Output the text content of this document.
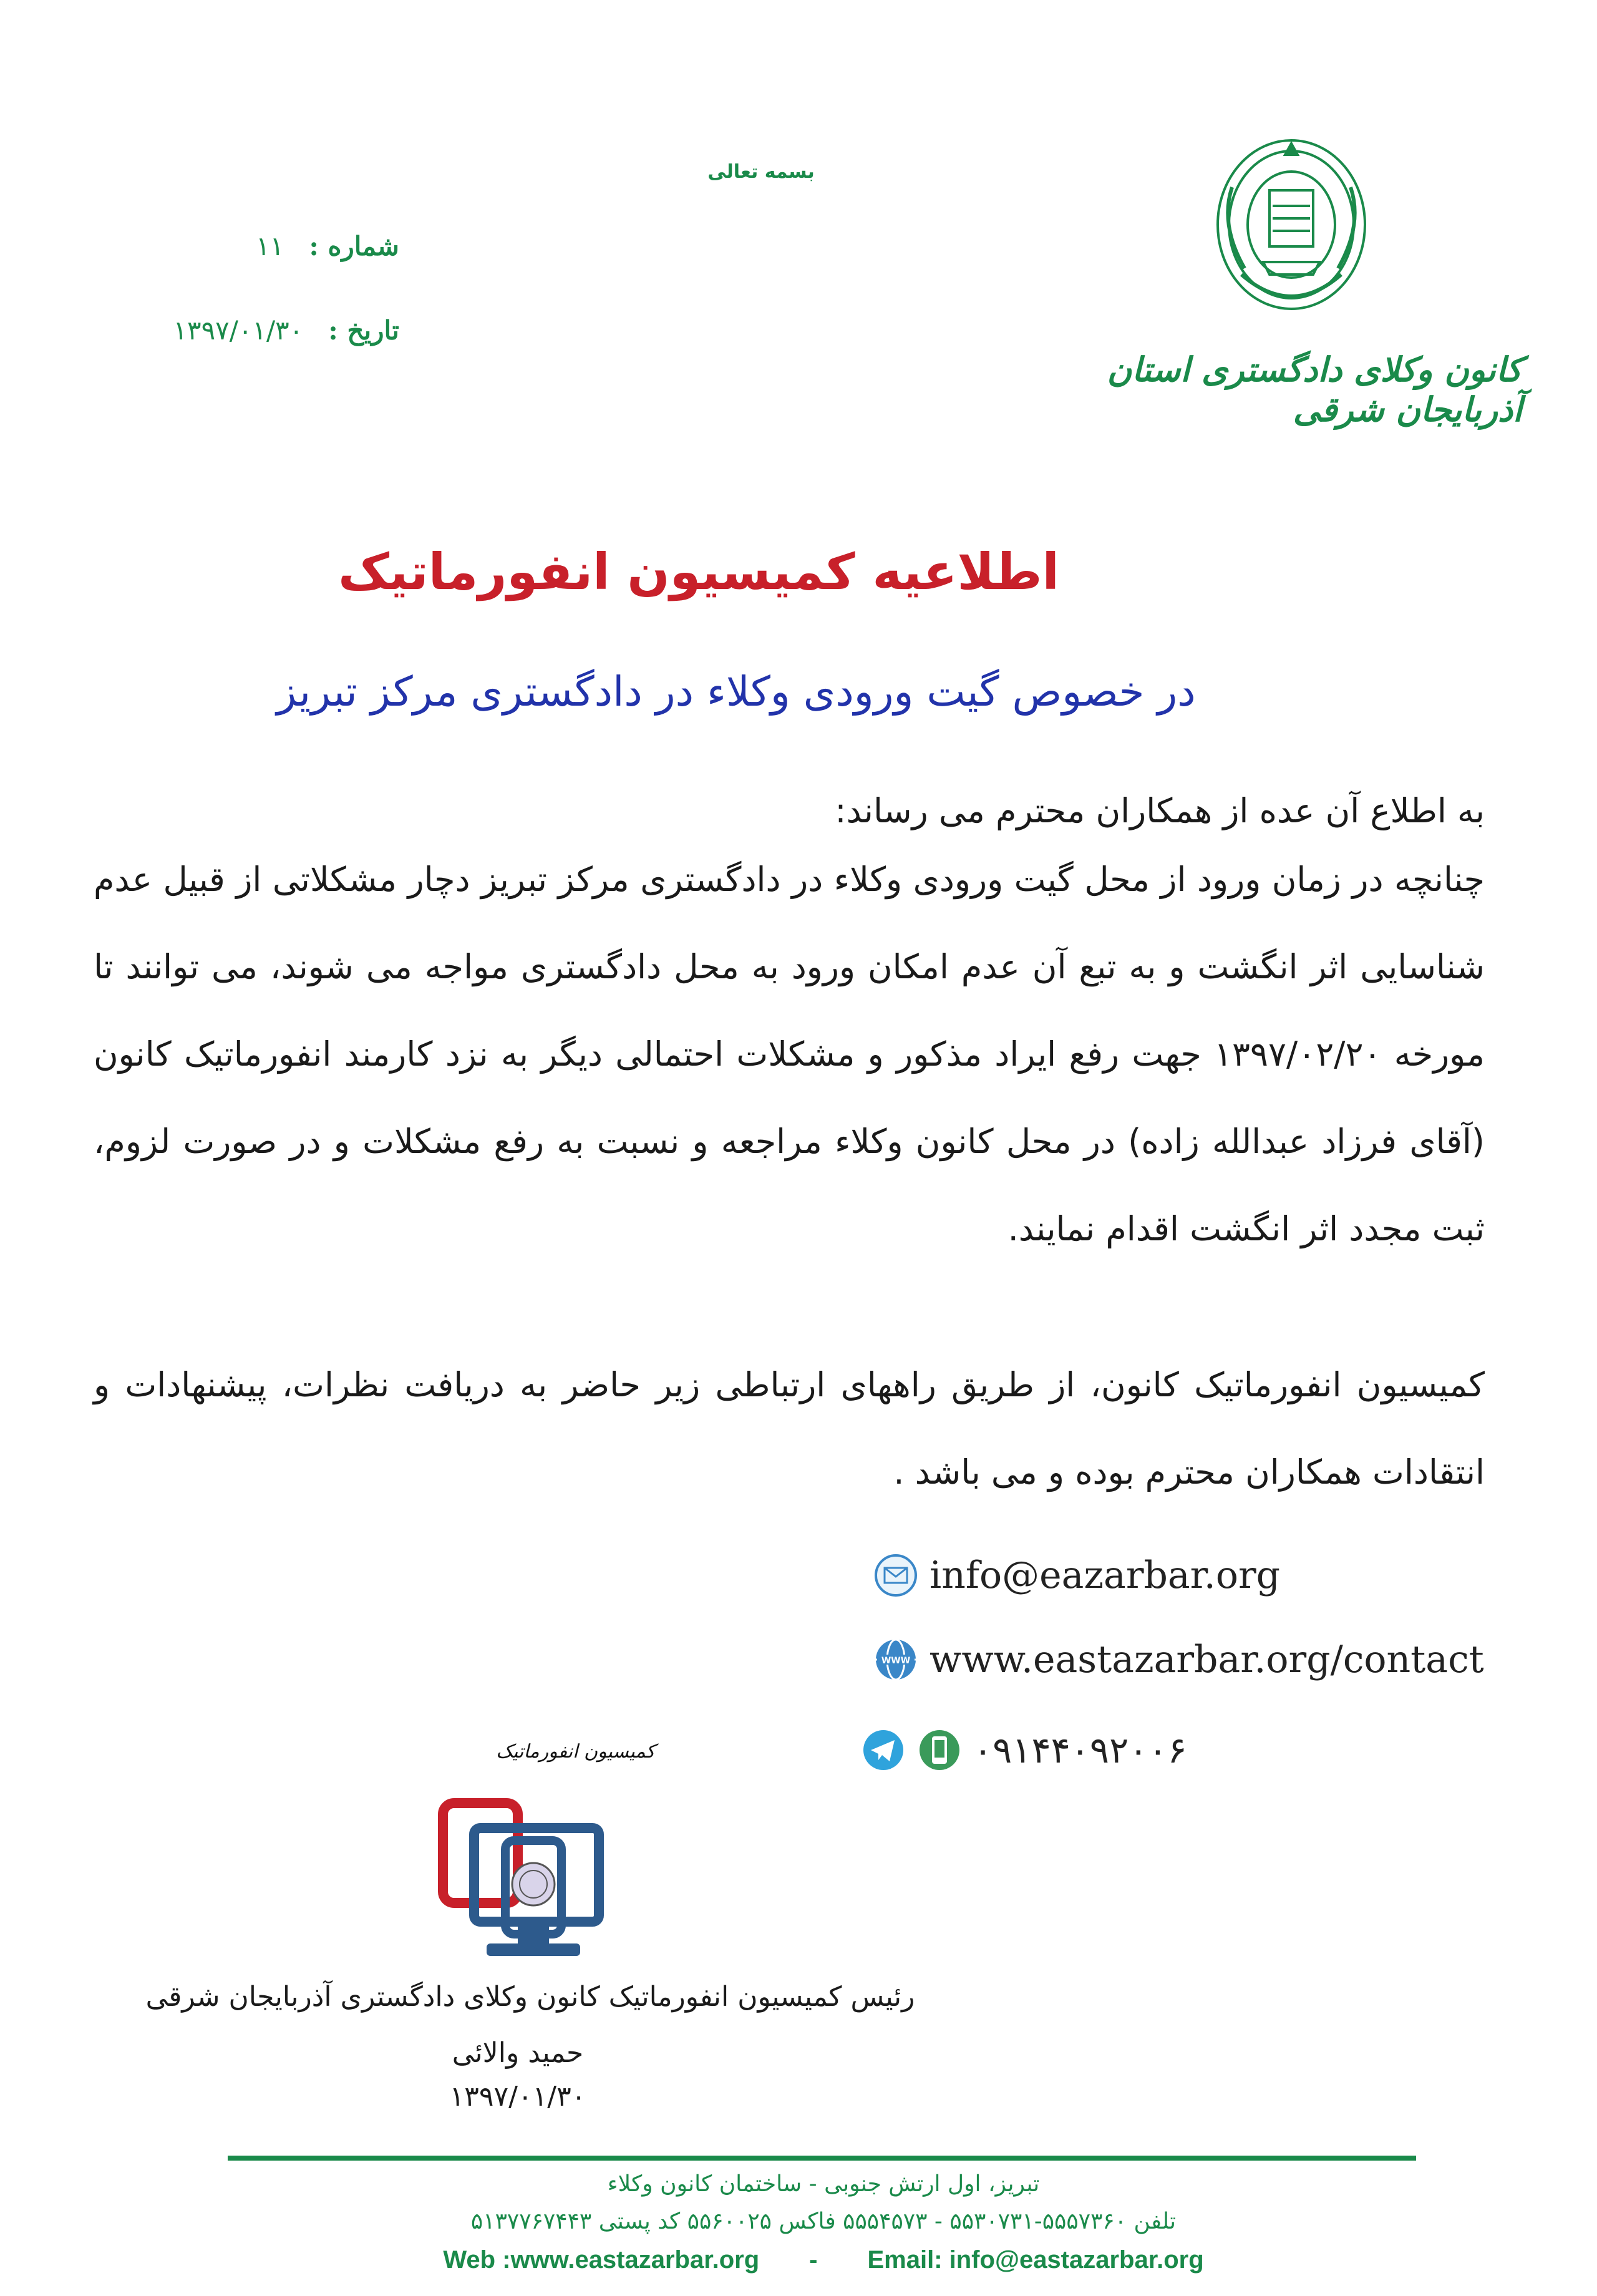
بسمه تعالی
شماره :   ۱۱
تاریخ :   ۱۳۹۷/۰۱/۳۰
کانون وکلای دادگستری استان آذربایجان شرقی
اطلاعیه کمیسیون انفورماتیک
در خصوص گیت ورودی وکلاء در دادگستری مرکز تبریز
به اطلاع آن عده از همکاران محترم می رساند:
چنانچه در زمان ورود از محل گیت ورودی وکلاء در دادگستری مرکز تبریز دچار مشکلاتی از قبیل عدم شناسایی اثر انگشت و به تبع آن عدم امکان ورود به محل دادگستری مواجه می شوند، می توانند تا مورخه ۱۳۹۷/۰۲/۲۰ جهت رفع ایراد مذکور و مشکلات احتمالی دیگر به نزد کارمند انفورماتیک کانون (آقای فرزاد عبدالله زاده) در محل کانون وکلاء مراجعه و نسبت به رفع مشکلات و در صورت لزوم، ثبت مجدد اثر انگشت اقدام نمایند.
کمیسیون انفورماتیک کانون، از طریق راههای ارتباطی زیر حاضر به دریافت نظرات، پیشنهادات و انتقادات همکاران محترم بوده و می باشد .
info@eazarbar.org
WWW www.eastazarbar.org/contact
۰۹۱۴۴۰۹۲۰۰۶
کمیسیون انفورماتیک
رئیس کمیسیون انفورماتیک کانون وکلای دادگستری آذربایجان شرقی
حمید والائی
۱۳۹۷/۰۱/۳۰
تبریز، اول ارتش جنوبی - ساختمان کانون وکلاء
تلفن ۵۵۵۷۳۶۰-۵۵۳۰۷۳۱ - ۵۵۵۴۵۷۳ فاکس ۵۵۶۰۰۲۵ کد پستی ۵۱۳۷۷۶۷۴۴۳
Web :www.eastazarbar.org - Email: info@eastazarbar.org
